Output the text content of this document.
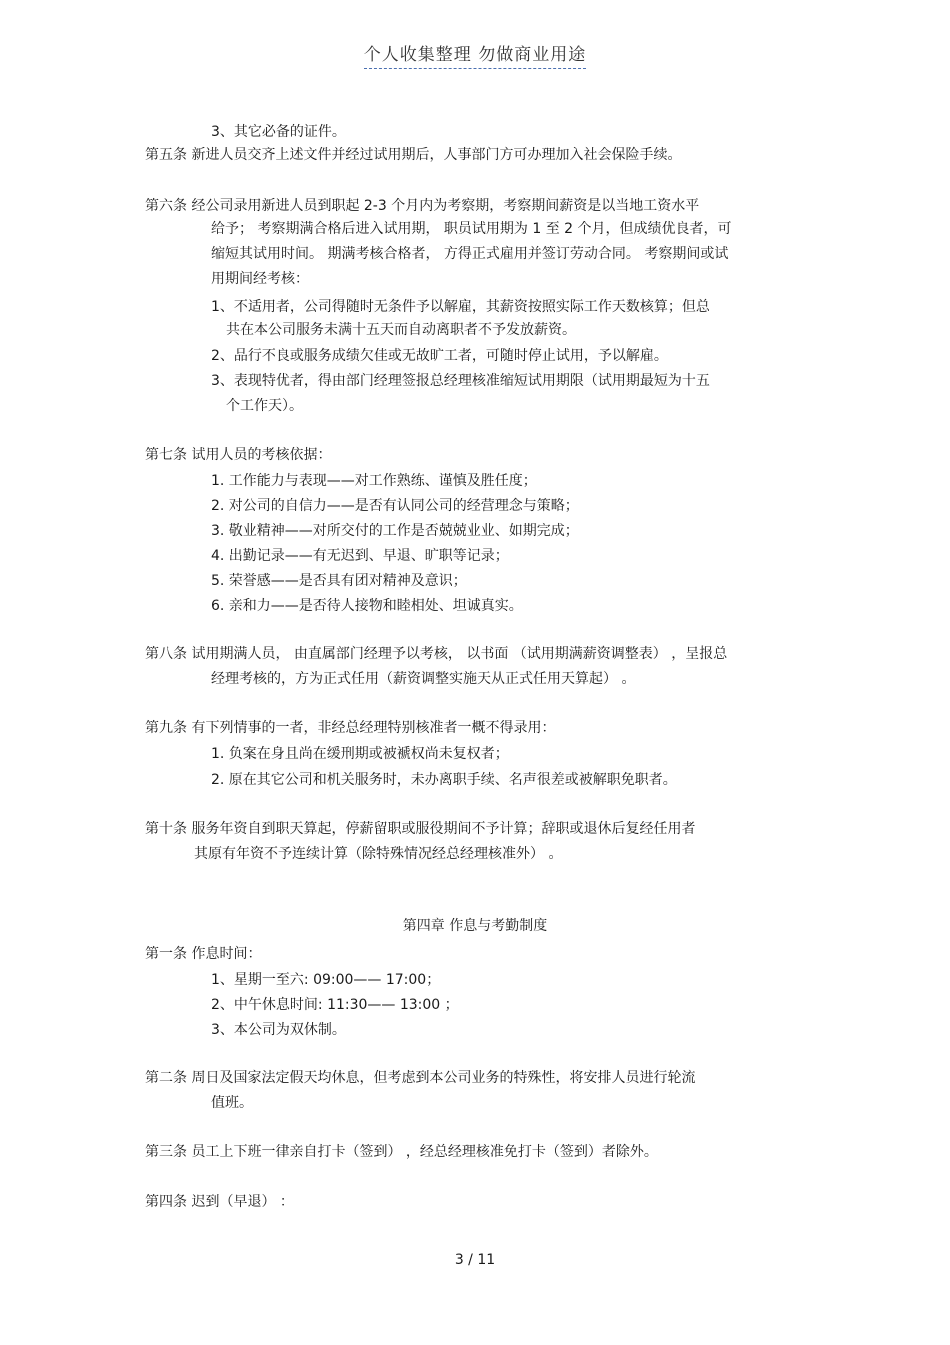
个人收集整理 勿做商业用途
3、其它必备的证件。
第五条 新进人员交齐上述文件并经过试用期后，人事部门方可办理加入社会保险手续。
第六条 经公司录用新进人员到职起 2-3 个月内为考察期，考察期间薪资是以当地工资水平
给予； 考察期满合格后进入试用期， 职员试用期为 1 至 2 个月，但成绩优良者，可
缩短其试用时间。 期满考核合格者， 方得正式雇用并签订劳动合同。 考察期间或试
用期间经考核：
1、不适用者，公司得随时无条件予以解雇，其薪资按照实际工作天数核算；但总
共在本公司服务未满十五天而自动离职者不予发放薪资。
2、品行不良或服务成绩欠佳或无故旷工者，可随时停止试用，予以解雇。
3、表现特优者，得由部门经理签报总经理核准缩短试用期限（试用期最短为十五
个工作天）。
第七条 试用人员的考核依据：
1. 工作能力与表现——对工作熟练、谨慎及胜任度；
2. 对公司的自信力——是否有认同公司的经营理念与策略；
3. 敬业精神——对所交付的工作是否兢兢业业、如期完成；
4. 出勤记录——有无迟到、早退、旷职等记录；
5. 荣誉感——是否具有团对精神及意识；
6. 亲和力——是否待人接物和睦相处、坦诚真实。
第八条 试用期满人员， 由直属部门经理予以考核， 以书面 （试用期满薪资调整表） ，呈报总
经理考核的，方为正式任用（薪资调整实施天从正式任用天算起） 。
第九条 有下列情事的一者，非经总经理特别核准者一概不得录用：
1. 负案在身且尚在缓刑期或被褫权尚未复权者；
2. 原在其它公司和机关服务时，未办离职手续、名声很差或被解职免职者。
第十条 服务年资自到职天算起，停薪留职或服役期间不予计算；辞职或退休后复经任用者
其原有年资不予连续计算（除特殊情况经总经理核准外） 。
第一条 作息时间：
1、星期一至六: 09:00—— 17:00；
2、中午休息时间: 11:30—— 13:00 ；
3、本公司为双休制。
第二条 周日及国家法定假天均休息，但考虑到本公司业务的特殊性，将安排人员进行轮流
值班。
第三条 员工上下班一律亲自打卡（签到） ，经总经理核准免打卡（签到）者除外。
第四条 迟到（早退） ：
第四章 作息与考勤制度
3 / 11
